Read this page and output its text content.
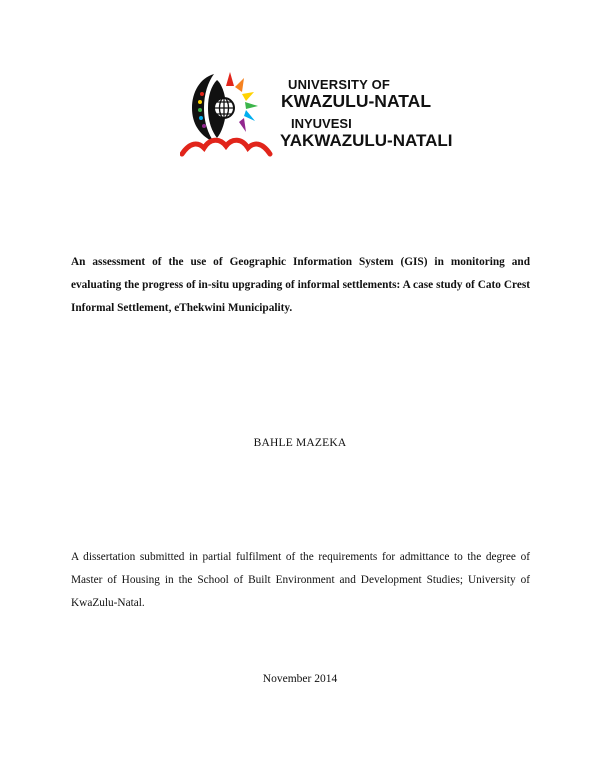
UNIVERSITY OF
KWAZULU-NATAL
INYUVESI
YAKWAZULU-NATALI
An assessment of the use of Geographic Information System (GIS) in monitoring and evaluating the progress of in-situ upgrading of informal settlements: A case study of Cato Crest Informal Settlement, eThekwini Municipality.
BAHLE MAZEKA
A dissertation submitted in partial fulfilment of the requirements for admittance to the degree of Master of Housing in the School of Built Environment and Development Studies; University of KwaZulu-Natal.
November 2014
